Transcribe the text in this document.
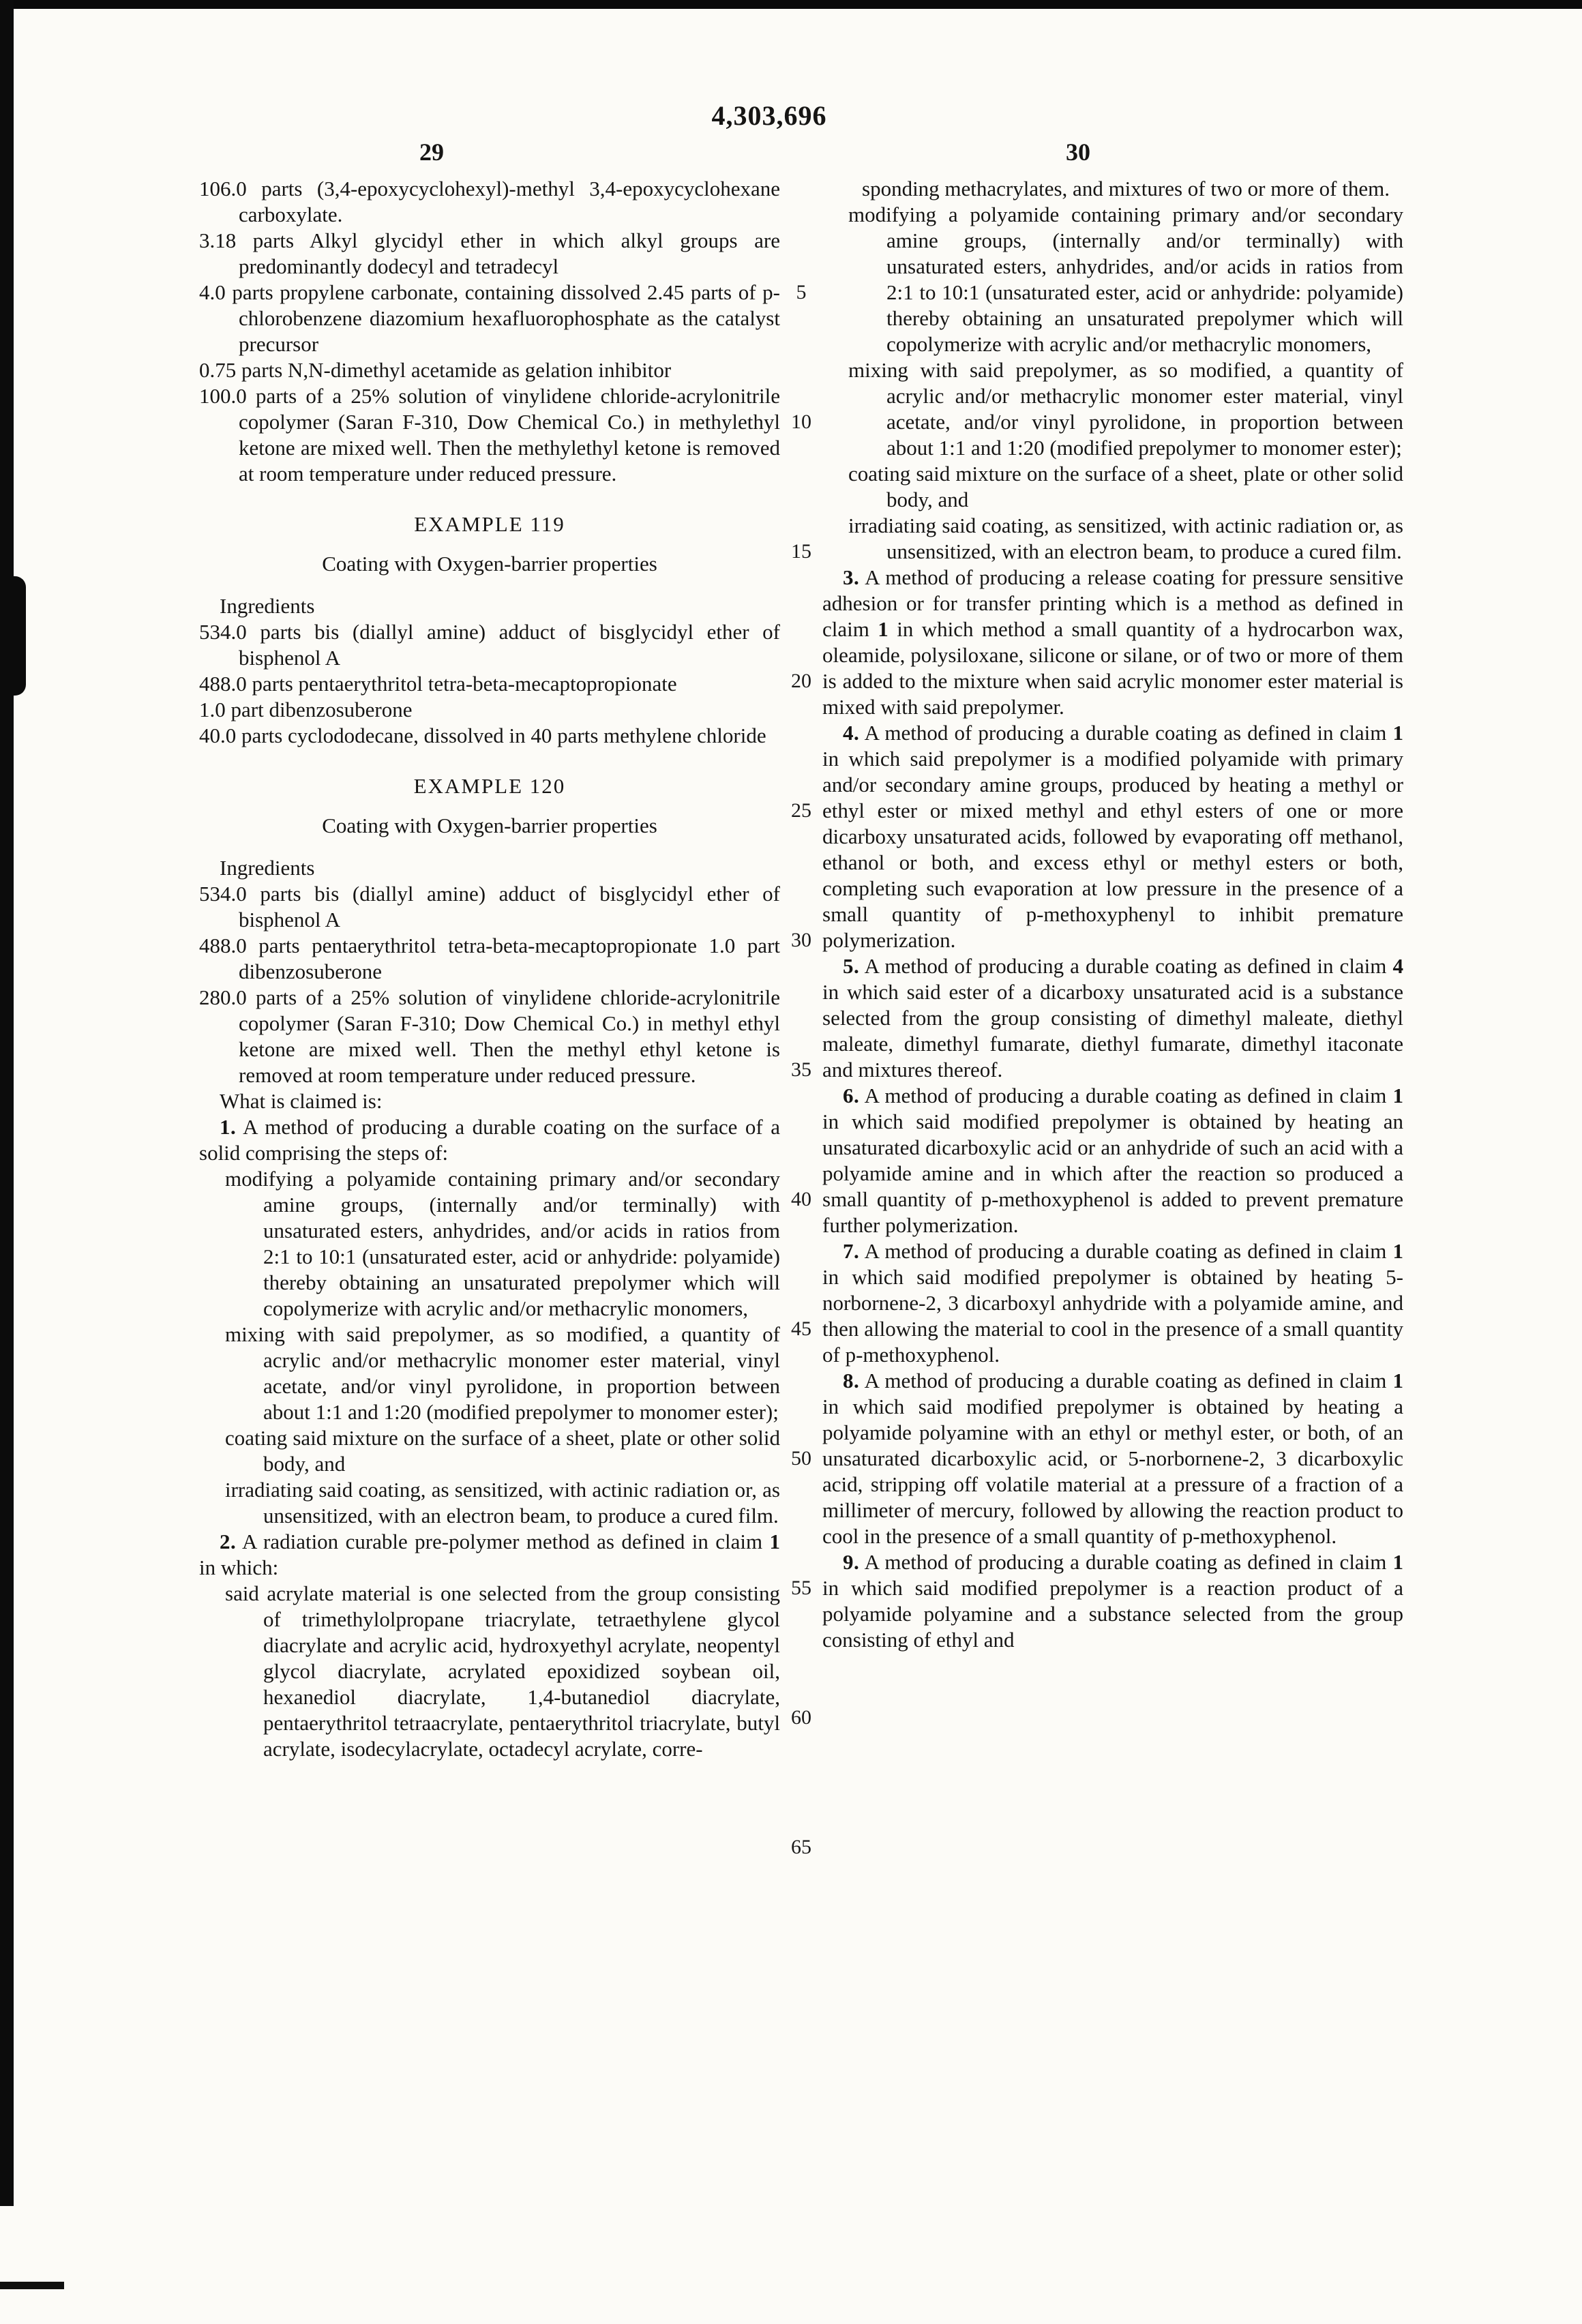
4,303,696
29	30
5
10
15
20
25
30
35
40
45
50
55
60
65

106.0 parts (3,4-epoxycyclohexyl)-methyl 3,4-epoxycyclohexane carboxylate.

3.18 parts Alkyl glycidyl ether in which alkyl groups are predominantly dodecyl and tetradecyl

4.0 parts propylene carbonate, containing dissolved 2.45 parts of p-chlorobenzene diazomium hexafluorophosphate as the catalyst precursor

0.75 parts N,N-dimethyl acetamide as gelation inhibitor

100.0 parts of a 25% solution of vinylidene chloride-acrylonitrile copolymer (Saran F-310, Dow Chemical Co.) in methylethyl ketone are mixed well. Then the methylethyl ketone is removed at room temperature under reduced pressure.

EXAMPLE 119

Coating with Oxygen-barrier properties

Ingredients

534.0 parts bis (diallyl amine) adduct of bisglycidyl ether of bisphenol A

488.0 parts pentaerythritol tetra-beta-mecaptopropionate

1.0 part dibenzosuberone

40.0 parts cyclododecane, dissolved in 40 parts methylene chloride

EXAMPLE 120

Coating with Oxygen-barrier properties

Ingredients

534.0 parts bis (diallyl amine) adduct of bisglycidyl ether of bisphenol A

488.0 parts pentaerythritol tetra-beta-mecaptopropionate 1.0 part dibenzosuberone

280.0 parts of a 25% solution of vinylidene chloride-acrylonitrile copolymer (Saran F-310; Dow Chemical Co.) in methyl ethyl ketone are mixed well. Then the methyl ethyl ketone is removed at room temperature under reduced pressure.

What is claimed is:

1. A method of producing a durable coating on the surface of a solid comprising the steps of:

modifying a polyamide containing primary and/or secondary amine groups, (internally and/or terminally) with unsaturated esters, anhydrides, and/or acids in ratios from 2:1 to 10:1 (unsaturated ester, acid or anhydride: polyamide) thereby obtaining an unsaturated prepolymer which will copolymerize with acrylic and/or methacrylic monomers,

mixing with said prepolymer, as so modified, a quantity of acrylic and/or methacrylic monomer ester material, vinyl acetate, and/or vinyl pyrolidone, in proportion between about 1:1 and 1:20 (modified prepolymer to monomer ester);

coating said mixture on the surface of a sheet, plate or other solid body, and

irradiating said coating, as sensitized, with actinic radiation or, as unsensitized, with an electron beam, to produce a cured film.

2. A radiation curable pre-polymer method as defined in claim 1 in which:

said acrylate material is one selected from the group consisting of trimethylolpropane triacrylate, tetraethylene glycol diacrylate and acrylic acid, hydroxyethyl acrylate, neopentyl glycol diacrylate, acrylated epoxidized soybean oil, hexanediol diacrylate, 1,4-butanediol diacrylate, pentaerythritol tetraacrylate, pentaerythritol triacrylate, butyl acrylate, isodecylacrylate, octadecyl acrylate, corre-

sponding methacrylates, and mixtures of two or more of them.

modifying a polyamide containing primary and/or secondary amine groups, (internally and/or terminally) with unsaturated esters, anhydrides, and/or acids in ratios from 2:1 to 10:1 (unsaturated ester, acid or anhydride: polyamide) thereby obtaining an unsaturated prepolymer which will copolymerize with acrylic and/or methacrylic monomers,

mixing with said prepolymer, as so modified, a quantity of acrylic and/or methacrylic monomer ester material, vinyl acetate, and/or vinyl pyrolidone, in proportion between about 1:1 and 1:20 (modified prepolymer to monomer ester);

coating said mixture on the surface of a sheet, plate or other solid body, and

irradiating said coating, as sensitized, with actinic radiation or, as unsensitized, with an electron beam, to produce a cured film.

3. A method of producing a release coating for pressure sensitive adhesion or for transfer printing which is a method as defined in claim 1 in which method a small quantity of a hydrocarbon wax, oleamide, polysiloxane, silicone or silane, or of two or more of them is added to the mixture when said acrylic monomer ester material is mixed with said prepolymer.

4. A method of producing a durable coating as defined in claim 1 in which said prepolymer is a modified polyamide with primary and/or secondary amine groups, produced by heating a methyl or ethyl ester or mixed methyl and ethyl esters of one or more dicarboxy unsaturated acids, followed by evaporating off methanol, ethanol or both, and excess ethyl or methyl esters or both, completing such evaporation at low pressure in the presence of a small quantity of p-methoxyphenyl to inhibit premature polymerization.

5. A method of producing a durable coating as defined in claim 4 in which said ester of a dicarboxy unsaturated acid is a substance selected from the group consisting of dimethyl maleate, diethyl maleate, dimethyl fumarate, diethyl fumarate, dimethyl itaconate and mixtures thereof.

6. A method of producing a durable coating as defined in claim 1 in which said modified prepolymer is obtained by heating an unsaturated dicarboxylic acid or an anhydride of such an acid with a polyamide amine and in which after the reaction so produced a small quantity of p-methoxyphenol is added to prevent premature further polymerization.

7. A method of producing a durable coating as defined in claim 1 in which said modified prepolymer is obtained by heating 5-norbornene-2, 3 dicarboxyl anhydride with a polyamide amine, and then allowing the material to cool in the presence of a small quantity of p-methoxyphenol.

8. A method of producing a durable coating as defined in claim 1 in which said modified prepolymer is obtained by heating a polyamide polyamine with an ethyl or methyl ester, or both, of an unsaturated dicarboxylic acid, or 5-norbornene-2, 3 dicarboxylic acid, stripping off volatile material at a pressure of a fraction of a millimeter of mercury, followed by allowing the reaction product to cool in the presence of a small quantity of p-methoxyphenol.

9. A method of producing a durable coating as defined in claim 1 in which said modified prepolymer is a reaction product of a polyamide polyamine and a substance selected from the group consisting of ethyl and
